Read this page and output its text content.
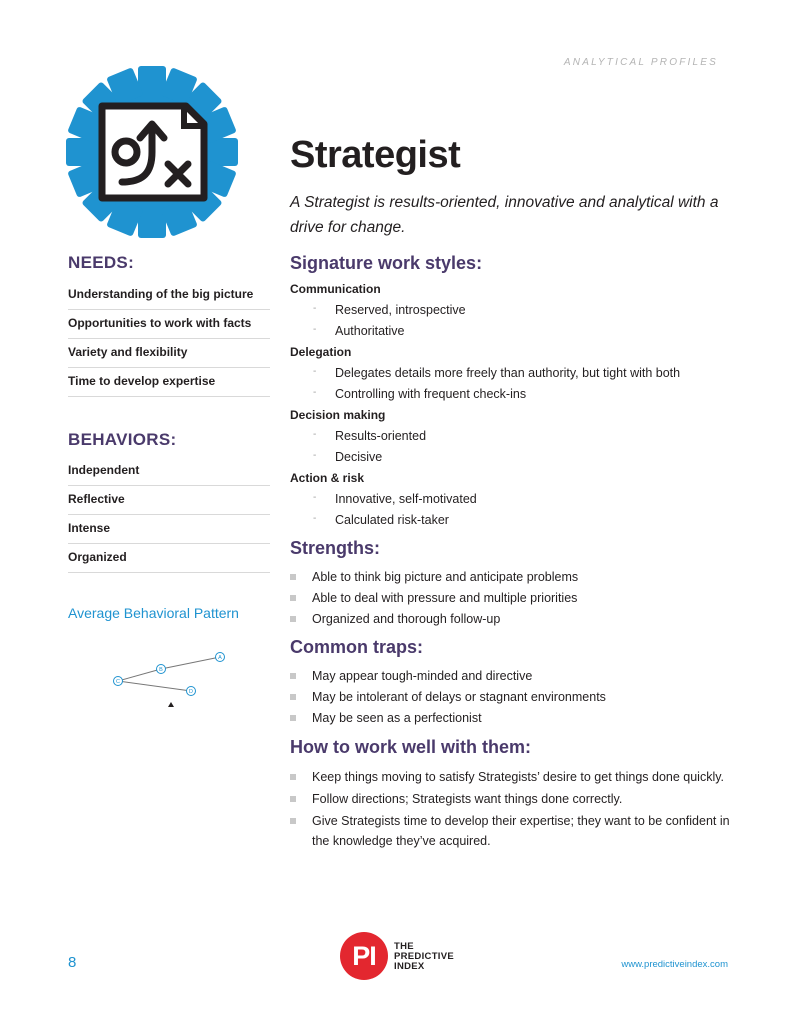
ANALYTICAL PROFILES
NEEDS:
Understanding of the big picture
Opportunities to work with facts
Variety and flexibility
Time to develop expertise
BEHAVIORS:
Independent
Reflective
Intense
Organized
Average Behavioral Pattern
A
B
C
D
Strategist
A Strategist is results-oriented, innovative and analytical with a drive for change.
Signature work styles:
Communication
- Reserved, introspective
- Authoritative
Delegation
- Delegates details more freely than authority, but tight with both
- Controlling with frequent check-ins
Decision making
- Results-oriented
- Decisive
Action & risk
- Innovative, self-motivated
- Calculated risk-taker
Strengths:
Able to think big picture and anticipate problems
Able to deal with pressure and multiple priorities
Organized and thorough follow-up
Common traps:
May appear tough-minded and directive
May be intolerant of delays or stagnant environments
May be seen as a perfectionist
How to work well with them:
Keep things moving to satisfy Strategists’ desire to get things done quickly.
Follow directions; Strategists want things done correctly.
Give Strategists time to develop their expertise; they want to be confident in the knowledge they’ve acquired.
8	PI	THE
PREDICTIVE
INDEX	www.predictiveindex.com
